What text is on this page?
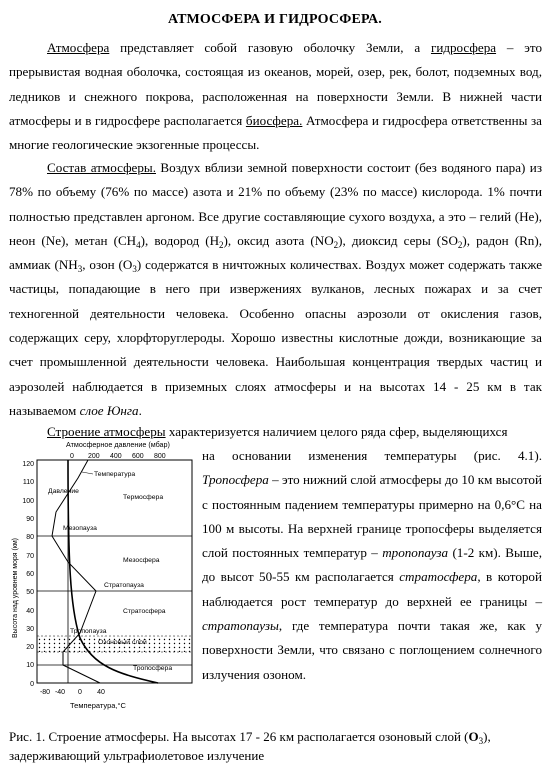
АТМОСФЕРА И ГИДРОСФЕРА.
Атмосфера представляет собой газовую оболочку Земли, а гидросфера – это прерывистая водная оболочка, состоящая из океанов, морей, озер, рек, болот, подземных вод, ледников и снежного покрова, расположенная на поверхности Земли. В нижней части атмосферы и в гидросфере располагается биосфера. Атмосфера и гидросфера ответственны за многие геологические экзогенные процессы.
Состав атмосферы. Воздух вблизи земной поверхности состоит (без водяного пара) из 78% по объему (76% по массе) азота и 21% по объему (23% по массе) кислорода. 1% почти полностью представлен аргоном. Все другие составляющие сухого воздуха, а это – гелий (He), неон (Ne), метан $(CH_4)$, водород $(H_2)$, оксид азота $(NO_2)$, диоксид серы $(SO_2)$, радон (Rn), аммиак ($NH_3$, озон $(O_3)$ содержатся в ничтожных количествах. Воздух может содержать также частицы, попадающие в него при извержениях вулканов, лесных пожарах и за счет техногенной деятельности человека. Особенно опасны аэрозоли от окисления газов, содержащих серу, хлорфторуглероды. Хорошо известны кислотные дожди, возникающие за счет промышленной деятельности человека. Наибольшая концентрация твердых частиц и аэрозолей наблюдается в приземных слоях атмосферы и на высотах 14 - 25 км в так называемом слое Юнга.
Строение атмосферы характеризуется наличием целого ряда сфер, выделяющихся
на основании изменения температуры (рис. 4.1). Тропосфера – это нижний слой атмосферы до 10 км высотой с постоянным падением температуры примерно на 0,6°С на 100 м высоты. На верхней границе тропосферы выделяется слой постоянных температур – тропопауза (1-2 км). Выше, до высот 50-55 км располагается стратосфера, в которой наблюдается рост температур до верхней ее границы – стратопаузы, где температура почти такая же, как у поверхности Земли, что связано с поглощением солнечного излучения озоном.
Атмосферное давление (мбар)
0 200 400 600 800
Высота над уровнем моря (км)
120
110
100
90
80
70
60
50
40
30
20
10
0
Температура
Давление
Термосфера
Мезопауза
Мезосфера
Стратопауза
Стратосфера
Тропопауза
Озоновый слой
Тропосфера
-80 -40 0 40
Температура,°С
Рис. 1. Строение атмосферы. На высотах 17 - 26 км располагается озоновый слой $(O_3)$, задерживающий ультрафиолетовое излучение
